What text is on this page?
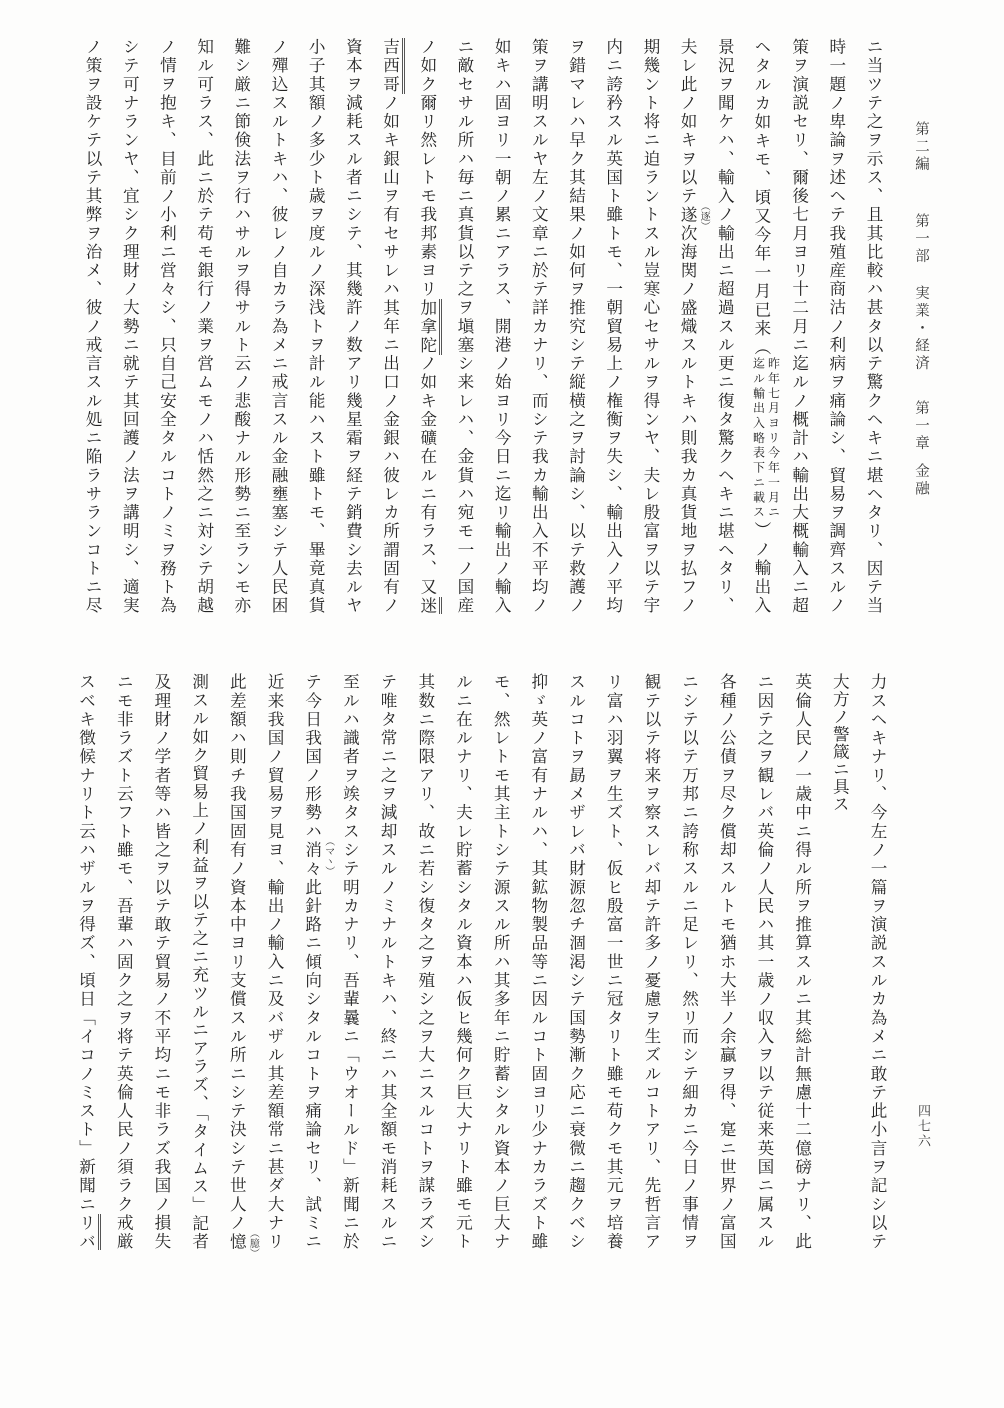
第二編
第一部
実業・経済
第一章
金融
ニ当ツテ之ヲ示ス、且其比較ハ甚タ以テ驚クヘキニ堪ヘタリ、因テ当
時一題ノ卑論ヲ述ヘテ我殖産商沽ノ利病ヲ痛論シ、貿易ヲ調齊スルノ
策ヲ演説セリ、爾後七月ヨリ十二月ニ迄ルノ概計ハ輸出大概輸入ニ超
ヘタルカ如キモ、頃又今年一月已来（
昨年七月ヨリ今年一月ニ
迄ル輸出入略表下ニ載ス
）ノ輸出入
景況ヲ聞ケハ、輸入ノ輸出ニ超過スル更ニ復タ驚クヘキニ堪ヘタリ、
夫レ此ノ如キヲ以テ遂 （逐）
次海関ノ盛熾スルトキハ則我カ真貨地ヲ払フノ
期幾ント将ニ迫ラントスル豈寒心セサルヲ得ンヤ、夫レ殷富ヲ以テ宇
内ニ誇矜スル英国ト雖トモ、一朝貿易上ノ権衡ヲ失シ、輸出入ノ平均
ヲ錯マレハ早ク其結果ノ如何ヲ推究シテ縦横之ヲ討論シ、以テ救護ノ
策ヲ講明スルヤ左ノ文章ニ於テ詳カナリ、而シテ我カ輸出入不平均ノ
如キハ固ヨリ一朝ノ累ニアラス、開港ノ始ヨリ今日ニ迄リ輸出ノ輸入
ニ敵セサル所ハ毎ニ真貨以テ之ヲ塡塞シ来レハ、金貨ハ宛モ一ノ国産
ノ如ク爾リ然レトモ我邦素ヨリ加拿陀ノ如キ金礦在ルニ有ラス、又迷
吉西哥ノ如キ銀山ヲ有セサレハ其年ニ出口ノ金銀ハ彼レカ所謂固有ノ
資本ヲ減耗スル者ニシテ、其幾許ノ数アリ幾星霜ヲ経テ銷費シ去ルヤ
小子其額ノ多少ト歳ヲ度ルノ深浅トヲ計ル能ハスト雖トモ、畢竟真貨
ノ殫込スルトキハ、彼レノ自カラ為メニ戒言スル金融壅塞シテ人民困
難シ厳ニ節倹法ヲ行ハサルヲ得サルト云ノ悲酸ナル形勢ニ至ランモ亦
知ル可ラス、此ニ於テ苟モ銀行ノ業ヲ営ムモノハ恬然之ニ対シテ胡越
ノ情ヲ抱キ、目前ノ小利ニ営々シ、只自己安全タルコトノミヲ務ト為
シテ可ナランヤ、宜シク理財ノ大勢ニ就テ其回護ノ法ヲ講明シ、適実
ノ策ヲ設ケテ以テ其弊ヲ治メ、彼ノ戒言スル処ニ陥ラサランコトニ尽
力スヘキナリ、今左ノ一篇ヲ演説スルカ為メニ敢テ此小言ヲ記シ以テ
大方ノ警箴ニ具ス
英倫人民ノ一歳中ニ得ル所ヲ推算スルニ其総計無慮十二億磅ナリ、此
ニ因テ之ヲ観レバ英倫ノ人民ハ其一歳ノ収入ヲ以テ従来英国ニ属スル
各種ノ公債ヲ尽ク償却スルトモ猶ホ大半ノ余贏ヲ得、寔ニ世界ノ富国
ニシテ以テ万邦ニ誇称スルニ足レリ、然リ而シテ細カニ今日ノ事情ヲ
観テ以テ将来ヲ察スレバ却テ許多ノ憂慮ヲ生ズルコトアリ、先哲言ア
リ富ハ羽翼ヲ生ズト、仮ヒ殷富一世ニ冠タリト雖モ苟クモ其元ヲ培養
スルコトヲ勗メザレバ財源忽チ涸渇シテ国勢漸ク応ニ衰微ニ趨クベシ
抑ゞ英ノ富有ナルハ、其鉱物製品等ニ因ルコト固ヨリ少ナカラズト雖
モ、然レトモ其主トシテ源スル所ハ其多年ニ貯蓄シタル資本ノ巨大ナ
ルニ在ルナリ、夫レ貯蓄シタル資本ハ仮ヒ幾何ク巨大ナリト雖モ元ト
其数ニ際限アリ、故ニ若シ復タ之ヲ殖シ之ヲ大ニスルコトヲ謀ラズシ
テ唯タ常ニ之ヲ減却スルノミナルトキハ、終ニハ其全額モ消耗スルニ
至ルハ識者ヲ竢タスシテ明カナリ、吾輩曩ニ「ウオールド」新聞ニ於
テ今日我国ノ形勢ハ消々 （マヽ）
此針路ニ傾向シタルコトヲ痛論セリ、試ミニ
近来我国ノ貿易ヲ見ヨ、輸出ノ輸入ニ及バザル其差額常ニ甚ダ大ナリ
此差額ハ則チ我国固有ノ資本中ヨリ支償スル所ニシテ決シテ世人ノ憶 （臆）
測スル如ク貿易上ノ利益ヲ以テ之ニ充ツルニアラズ、「タイムス」記者
及理財ノ学者等ハ皆之ヲ以テ敢テ貿易ノ不平均ニモ非ラズ我国ノ損失
ニモ非ラズト云フト雖モ、吾輩ハ固ク之ヲ将テ英倫人民ノ須ラク戒厳
スベキ徴候ナリト云ハザルヲ得ズ、頃日「イコノミスト」新聞ニリバ
四七六
